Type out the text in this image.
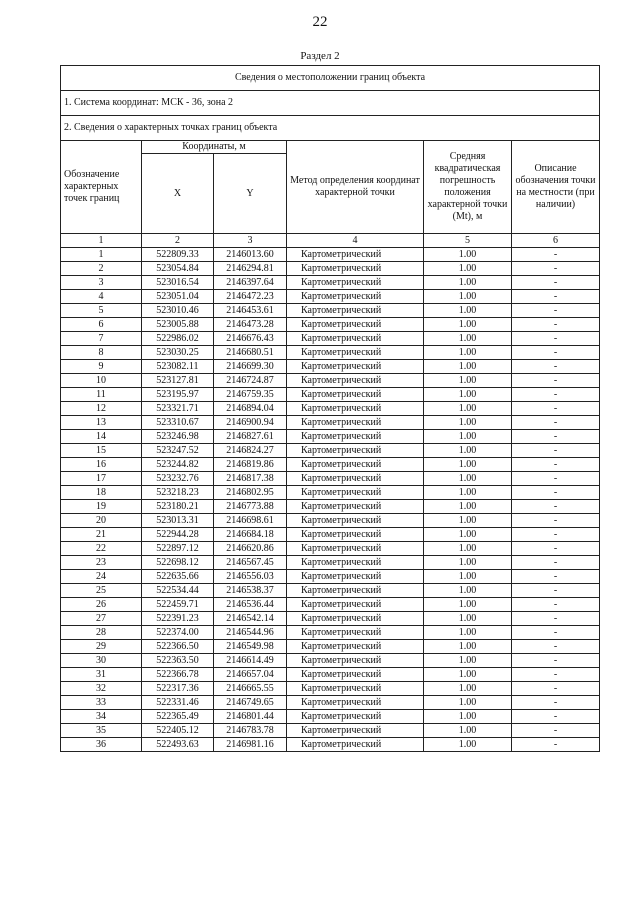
22
Раздел 2
Сведения о местоположении границ объекта					
1. Система координат: МСК - 36, зона 2					
2. Сведения о характерных точках границ объекта					
Обозначение характерных точек границ	Координаты, м		Метод определения координат характерной точки	Средняя квадратическая погрешность положения характерной точки (Mt), м	Описание обозначения точки на местности (при наличии)
	X	Y			
1	2	3	4	5	6
1	522809.33	2146013.60	Картометрический	1.00	-
2	523054.84	2146294.81	Картометрический	1.00	-
3	523016.54	2146397.64	Картометрический	1.00	-
4	523051.04	2146472.23	Картометрический	1.00	-
5	523010.46	2146453.61	Картометрический	1.00	-
6	523005.88	2146473.28	Картометрический	1.00	-
7	522986.02	2146676.43	Картометрический	1.00	-
8	523030.25	2146680.51	Картометрический	1.00	-
9	523082.11	2146699.30	Картометрический	1.00	-
10	523127.81	2146724.87	Картометрический	1.00	-
11	523195.97	2146759.35	Картометрический	1.00	-
12	523321.71	2146894.04	Картометрический	1.00	-
13	523310.67	2146900.94	Картометрический	1.00	-
14	523246.98	2146827.61	Картометрический	1.00	-
15	523247.52	2146824.27	Картометрический	1.00	-
16	523244.82	2146819.86	Картометрический	1.00	-
17	523232.76	2146817.38	Картометрический	1.00	-
18	523218.23	2146802.95	Картометрический	1.00	-
19	523180.21	2146773.88	Картометрический	1.00	-
20	523013.31	2146698.61	Картометрический	1.00	-
21	522944.28	2146684.18	Картометрический	1.00	-
22	522897.12	2146620.86	Картометрический	1.00	-
23	522698.12	2146567.45	Картометрический	1.00	-
24	522635.66	2146556.03	Картометрический	1.00	-
25	522534.44	2146538.37	Картометрический	1.00	-
26	522459.71	2146536.44	Картометрический	1.00	-
27	522391.23	2146542.14	Картометрический	1.00	-
28	522374.00	2146544.96	Картометрический	1.00	-
29	522366.50	2146549.98	Картометрический	1.00	-
30	522363.50	2146614.49	Картометрический	1.00	-
31	522366.78	2146657.04	Картометрический	1.00	-
32	522317.36	2146665.55	Картометрический	1.00	-
33	522331.46	2146749.65	Картометрический	1.00	-
34	522365.49	2146801.44	Картометрический	1.00	-
35	522405.12	2146783.78	Картометрический	1.00	-
36	522493.63	2146981.16	Картометрический	1.00	-
